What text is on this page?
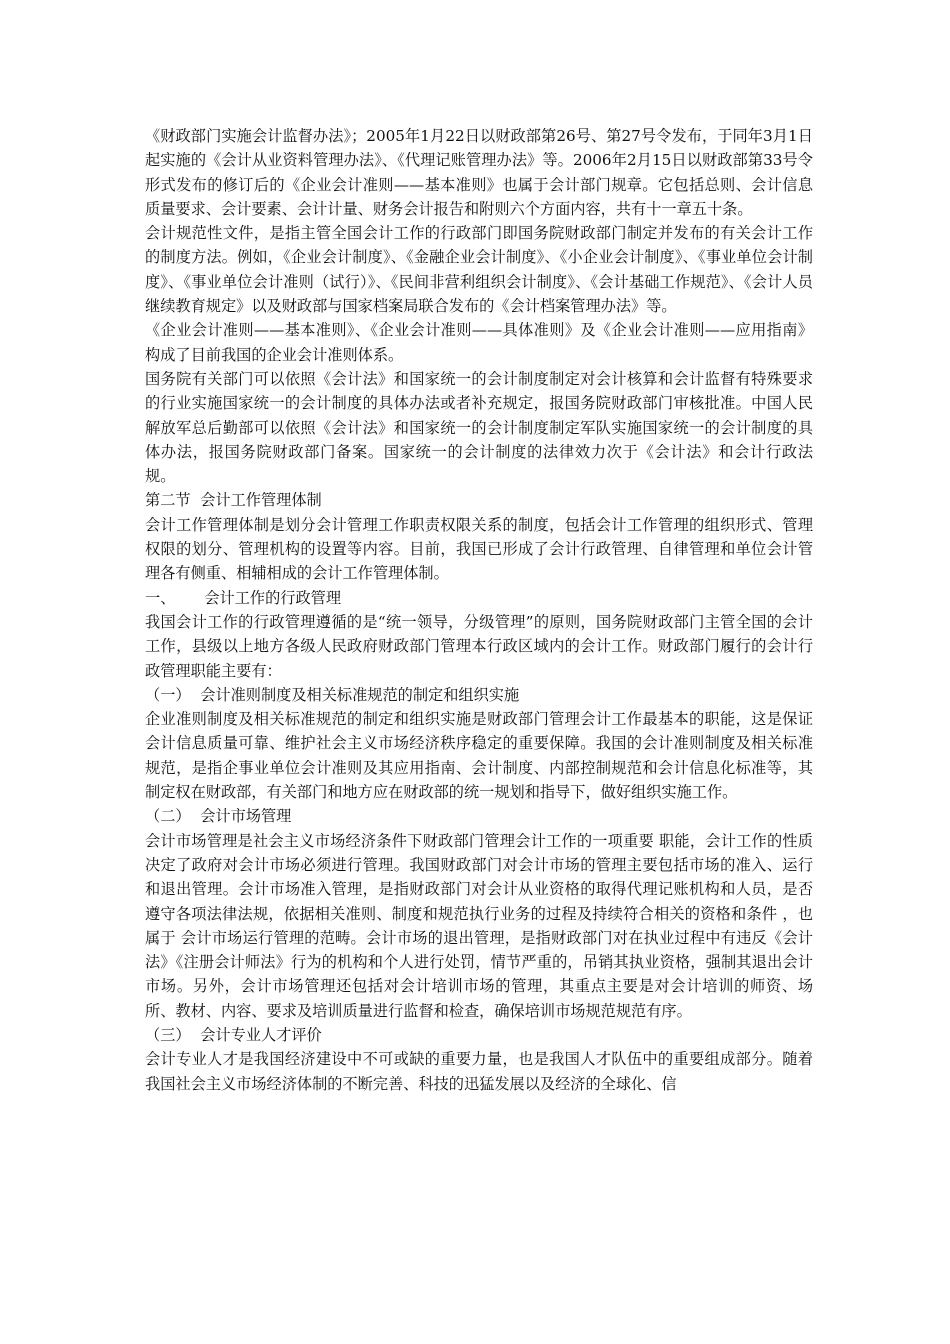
《财政部门实施会计监督办法》；2005年1月22日以财政部第26号、第27号令发布，于同年3月1日起实施的《会计从业资料管理办法》、《代理记账管理办法》等。2006年2月15日以财政部第33号令形式发布的修订后的《企业会计准则——基本准则》也属于会计部门规章。它包括总则、会计信息质量要求、会计要素、会计计量、财务会计报告和附则六个方面内容，共有十一章五十条。

会计规范性文件，是指主管全国会计工作的行政部门即国务院财政部门制定并发布的有关会计工作的制度方法。例如，《企业会计制度》、《金融企业会计制度》、《小企业会计制度》、《事业单位会计制度》、《事业单位会计准则（试行）》、《民间非营利组织会计制度》、《会计基础工作规范》、《会计人员继续教育规定》以及财政部与国家档案局联合发布的《会计档案管理办法》等。

《企业会计准则——基本准则》、《企业会计准则——具体准则》及《企业会计准则——应用指南》构成了目前我国的企业会计准则体系。

国务院有关部门可以依照《会计法》和国家统一的会计制度制定对会计核算和会计监督有特殊要求的行业实施国家统一的会计制度的具体办法或者补充规定，报国务院财政部门审核批准。中国人民解放军总后勤部可以依照《会计法》和国家统一的会计制度制定军队实施国家统一的会计制度的具体办法，报国务院财政部门备案。国家统一的会计制度的法律效力次于《会计法》和会计行政法规。

第二节  会计工作管理体制

会计工作管理体制是划分会计管理工作职责权限关系的制度，包括会计工作管理的组织形式、管理权限的划分、管理机构的设置等内容。目前，我国已形成了会计行政管理、自律管理和单位会计管理各有侧重、相辅相成的会计工作管理体制。

一、      会计工作的行政管理

我国会计工作的行政管理遵循的是“统一领导，分级管理”的原则，国务院财政部门主管全国的会计工作，县级以上地方各级人民政府财政部门管理本行政区域内的会计工作。财政部门履行的会计行政管理职能主要有：

（一）  会计准则制度及相关标准规范的制定和组织实施

企业准则制度及相关标准规范的制定和组织实施是财政部门管理会计工作最基本的职能，这是保证会计信息质量可靠、维护社会主义市场经济秩序稳定的重要保障。我国的会计准则制度及相关标准规范，是指企事业单位会计准则及其应用指南、会计制度、内部控制规范和会计信息化标准等，其制定权在财政部，有关部门和地方应在财政部的统一规划和指导下，做好组织实施工作。

（二）  会计市场管理

会计市场管理是社会主义市场经济条件下财政部门管理会计工作的一项重要 职能，会计工作的性质决定了政府对会计市场必须进行管理。我国财政部门对会计市场的管理主要包括市场的准入、运行和退出管理。会计市场准入管理，是指财政部门对会计从业资格的取得代理记账机构和人员，是否遵守各项法律法规，依据相关准则、制度和规范执行业务的过程及持续符合相关的资格和条件 ，也属于 会计市场运行管理的范畴。会计市场的退出管理，是指财政部门对在执业过程中有违反《会计法》《注册会计师法》行为的机构和个人进行处罚，情节严重的，吊销其执业资格，强制其退出会计市场。另外，会计市场管理还包括对会计培训市场的管理，其重点主要是对会计培训的师资、场所、教材、内容、要求及培训质量进行监督和检查，确保培训市场规范规范有序。

（三）  会计专业人才评价

会计专业人才是我国经济建设中不可或缺的重要力量，也是我国人才队伍中的重要组成部分。随着我国社会主义市场经济体制的不断完善、科技的迅猛发展以及经济的全球化、信
